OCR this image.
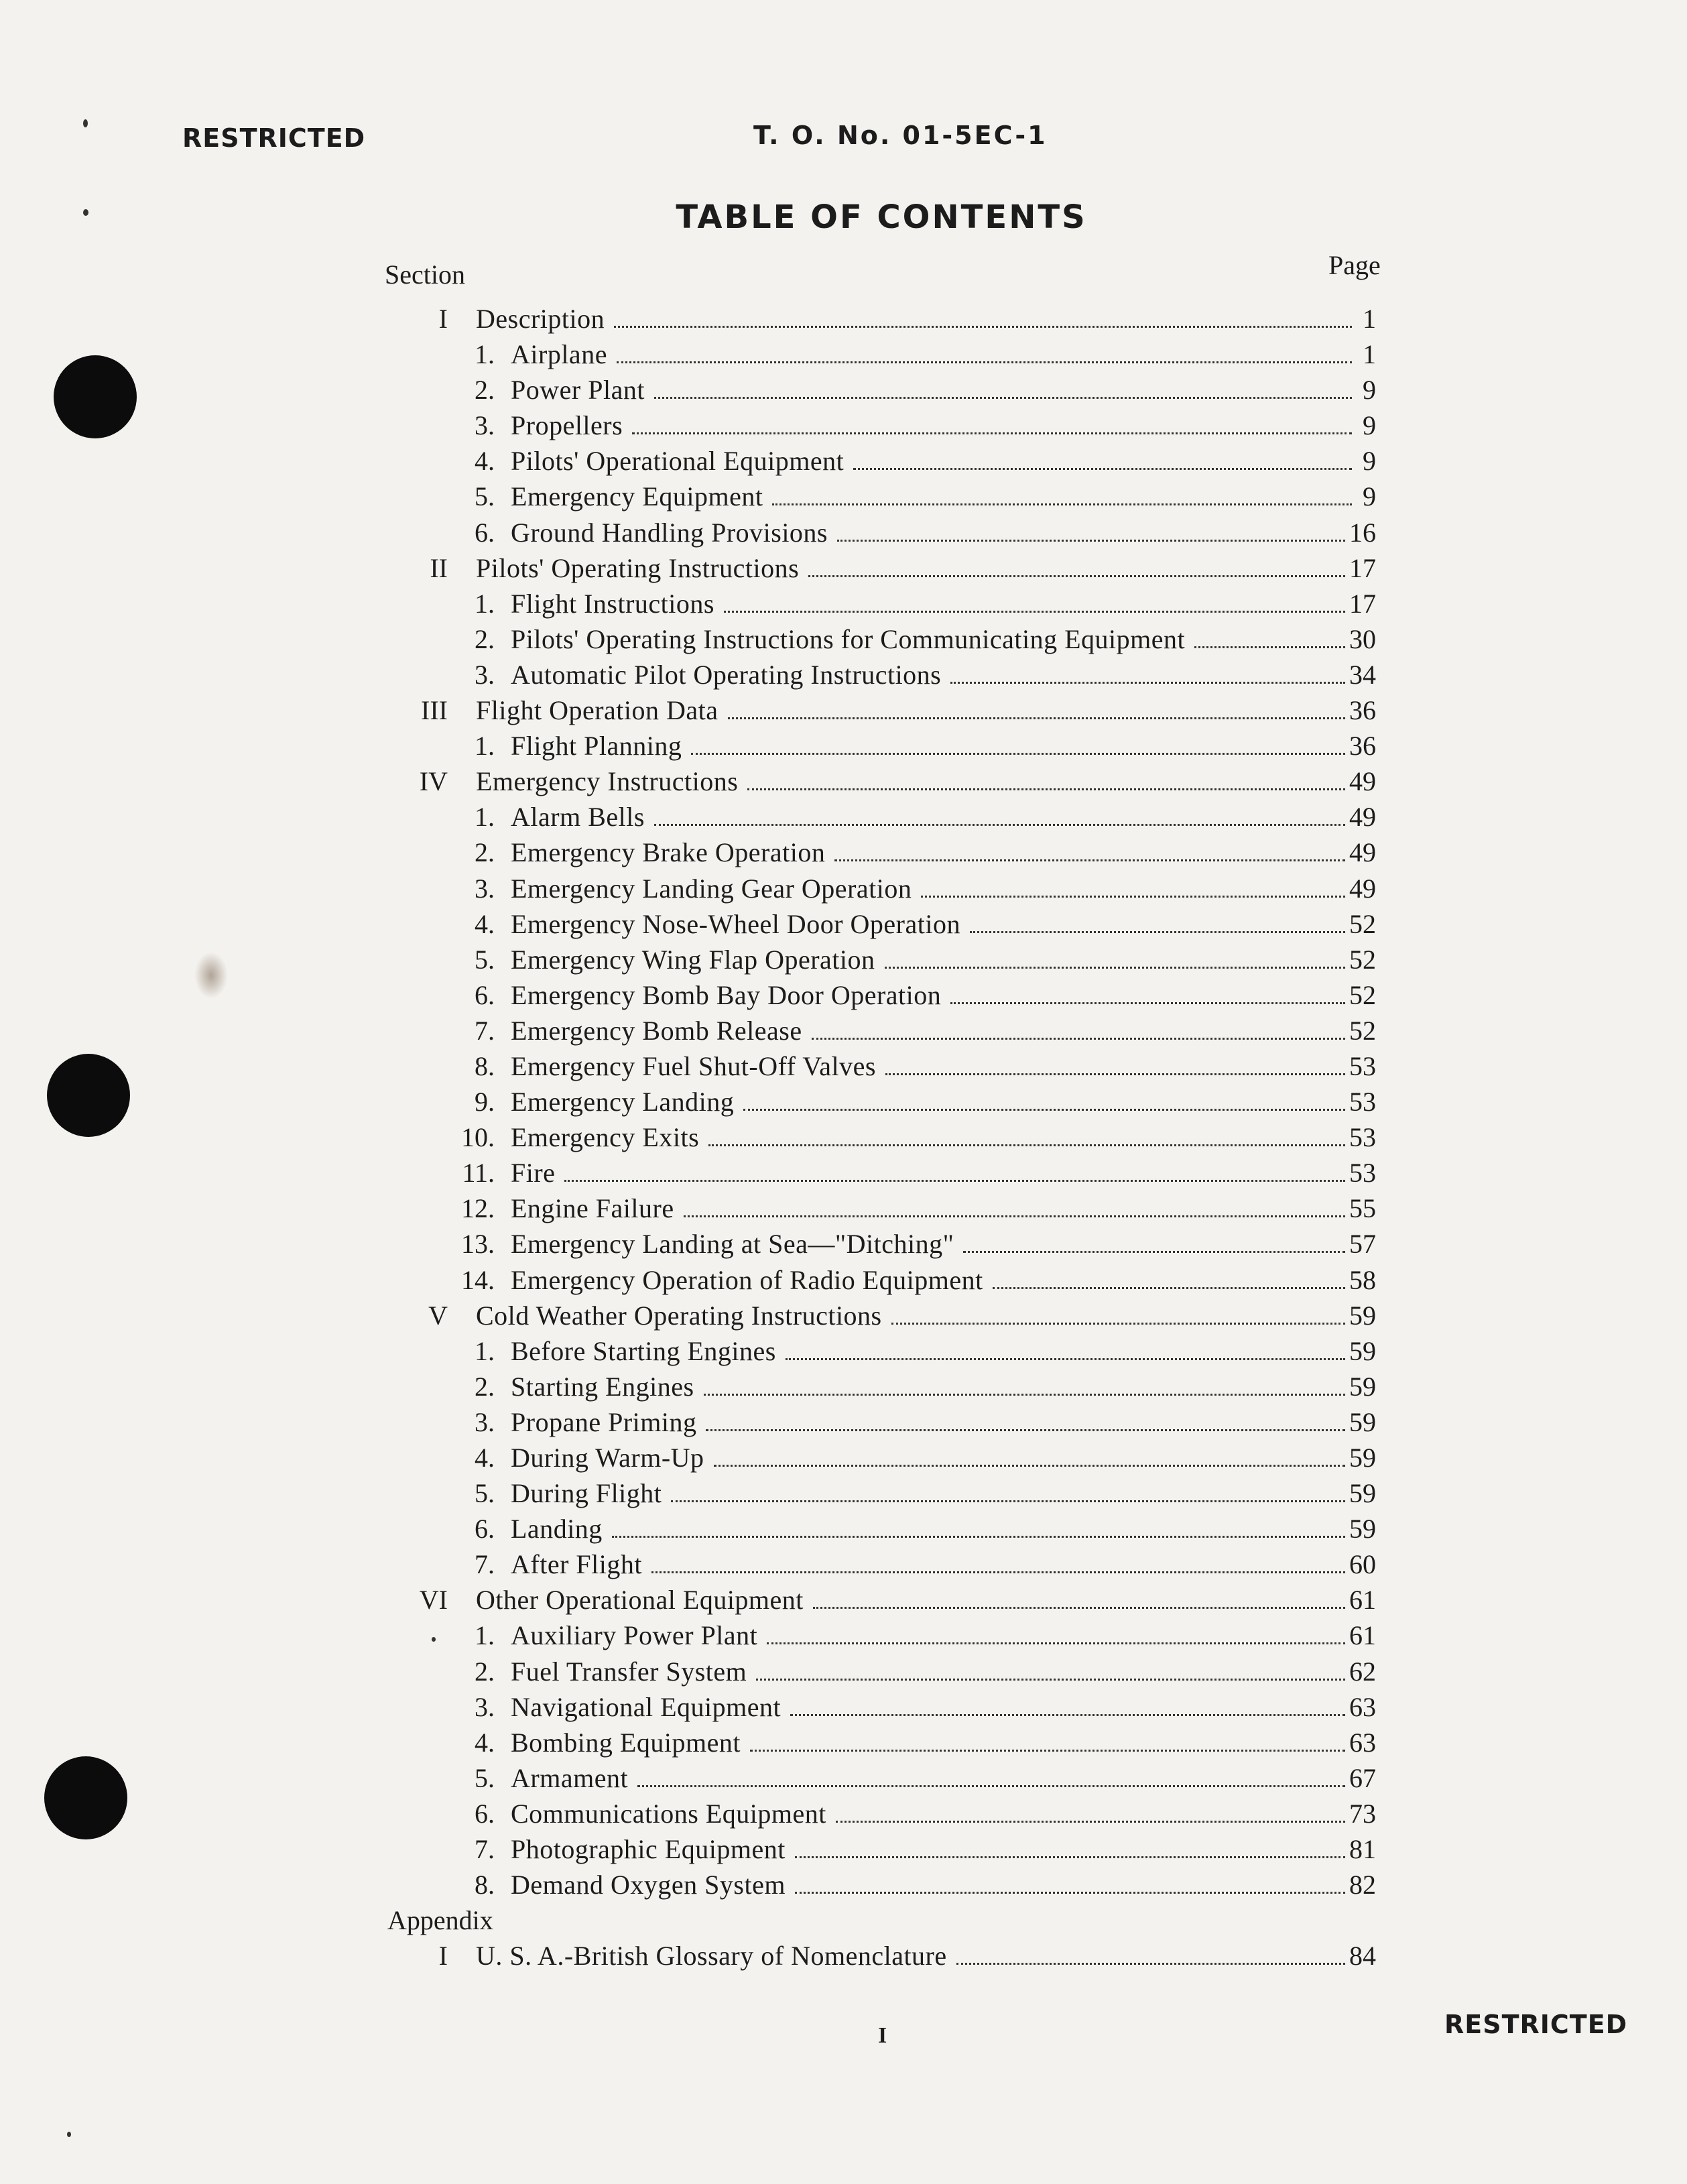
RESTRICTED	T. O. No. 01-5EC-1
TABLE OF CONTENTS
Section	Page
I Description	1
1. Airplane	1
2. Power Plant	9
3. Propellers	9
4. Pilots' Operational Equipment	9
5. Emergency Equipment	9
6. Ground Handling Provisions	16
II Pilots' Operating Instructions	17
1. Flight Instructions	17
2. Pilots' Operating Instructions for Communicating Equipment	30
3. Automatic Pilot Operating Instructions	34
III Flight Operation Data	36
1. Flight Planning	36
IV Emergency Instructions	49
1. Alarm Bells	49
2. Emergency Brake Operation	49
3. Emergency Landing Gear Operation	49
4. Emergency Nose-Wheel Door Operation	52
5. Emergency Wing Flap Operation	52
6. Emergency Bomb Bay Door Operation	52
7. Emergency Bomb Release	52
8. Emergency Fuel Shut-Off Valves	53
9. Emergency Landing	53
10. Emergency Exits	53
11. Fire	53
12. Engine Failure	55
13. Emergency Landing at Sea—"Ditching"	57
14. Emergency Operation of Radio Equipment	58
V Cold Weather Operating Instructions	59
1. Before Starting Engines	59
2. Starting Engines	59
3. Propane Priming	59
4. During Warm-Up	59
5. During Flight	59
6. Landing	59
7. After Flight	60
VI Other Operational Equipment	61
1. Auxiliary Power Plant	61
2. Fuel Transfer System	62
3. Navigational Equipment	63
4. Bombing Equipment	63
5. Armament	67
6. Communications Equipment	73
7. Photographic Equipment	81
8. Demand Oxygen System	82
Appendix
I U. S. A.-British Glossary of Nomenclature	84
RESTRICTED
I
